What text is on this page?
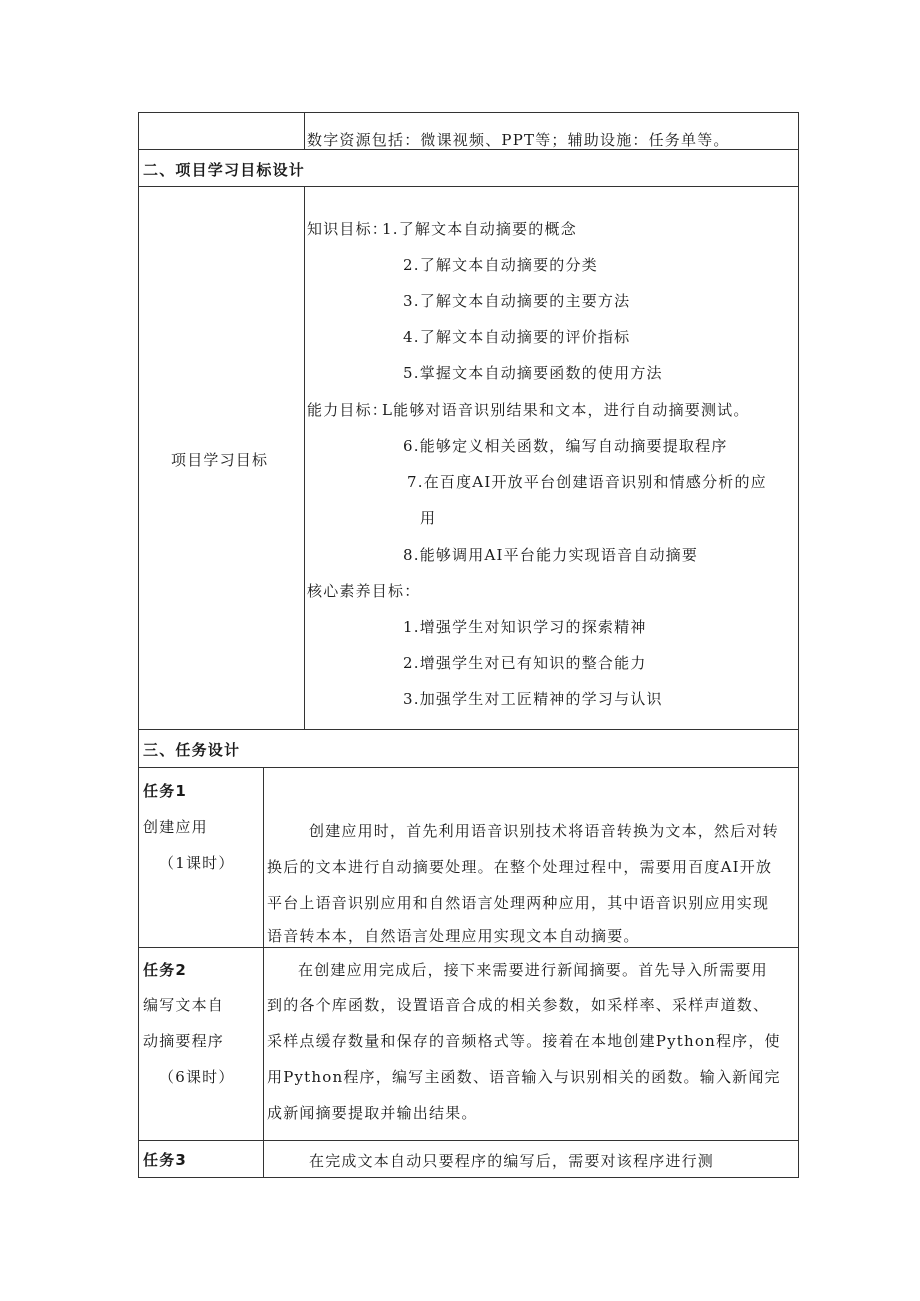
数字资源包括：微课视频、PPT等；辅助设施：任务单等。
二、项目学习目标设计
项目学习目标
知识目标：
1.了解文本自动摘要的概念
2.了解文本自动摘要的分类
3.了解文本自动摘要的主要方法
4.了解文本自动摘要的评价指标
5.掌握文本自动摘要函数的使用方法
能力目标：
L能够对语音识别结果和文本，进行自动摘要测试。
6.能够定义相关函数，编写自动摘要提取程序
7.在百度AI开放平台创建语音识别和情感分析的应
用
8.能够调用AI平台能力实现语音自动摘要
核心素养目标：
1.增强学生对知识学习的探索精神
2.增强学生对已有知识的整合能力
3.加强学生对工匠精神的学习与认识
三、任务设计
任务1
创建应用
（1课时）
创建应用时，首先利用语音识别技术将语音转换为文本，然后对转
换后的文本进行自动摘要处理。在整个处理过程中，需要用百度AI开放
平台上语音识别应用和自然语言处理两种应用，其中语音识别应用实现
语音转本本，自然语言处理应用实现文本自动摘要。
任务2
编写文本自
动摘要程序
（6课时）
在创建应用完成后，接下来需要进行新闻摘要。首先导入所需要用
到的各个库函数，设置语音合成的相关参数，如采样率、采样声道数、
采样点缓存数量和保存的音频格式等。接着在本地创建Python程序，使
用Python程序，编写主函数、语音输入与识别相关的函数。输入新闻完
成新闻摘要提取并输出结果。
任务3	在完成文本自动只要程序的编写后，需要对该程序进行测
